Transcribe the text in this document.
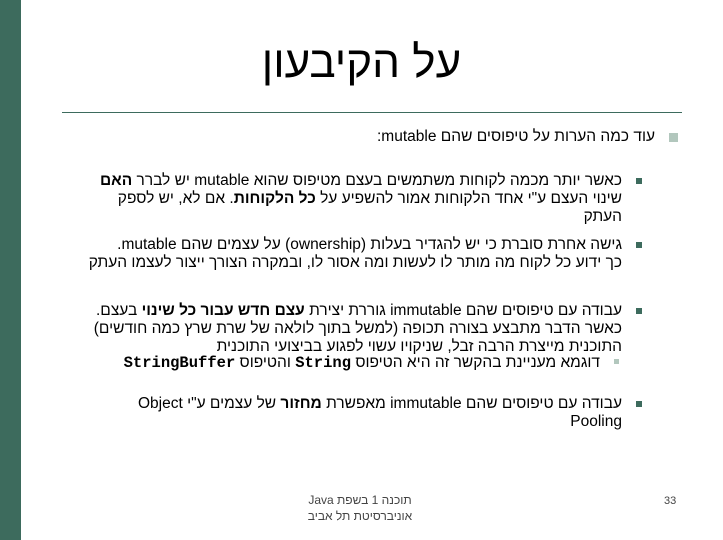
על הקיבעון

עוד כמה הערות על טיפוסים שהם mutable:

כאשר יותר מכמה לקוחות משתמשים בעצם מטיפוס שהוא mutable יש לברר האם

שינוי העצם ע"י אחד הלקוחות אמור להשפיע על כל הלקוחות. אם לא, יש לספק

העתק

גישה אחרת סוברת כי יש להגדיר בעלות (ownership) על עצמים שהם mutable.

כך ידוע כל לקוח מה מותר לו לעשות ומה אסור לו, ובמקרה הצורך ייצור לעצמו העתק

עבודה עם טיפוסים שהם immutable גוררת יצירת עצם חדש עבור כל שינוי בעצם.

כאשר הדבר מתבצע בצורה תכופה (למשל בתוך לולאה של שרת שרץ כמה חודשים)

התוכנית מייצרת הרבה זבל, שניקויו עשוי לפגוע בביצועי התוכנית

דוגמא מעניינת בהקשר זה היא הטיפוס String והטיפוס StringBuffer

עבודה עם טיפוסים שהם immutable מאפשרת מחזור של עצמים ע"י Object

Pooling

תוכנה 1 בשפת Java
אוניברסיטת תל אביב
33
